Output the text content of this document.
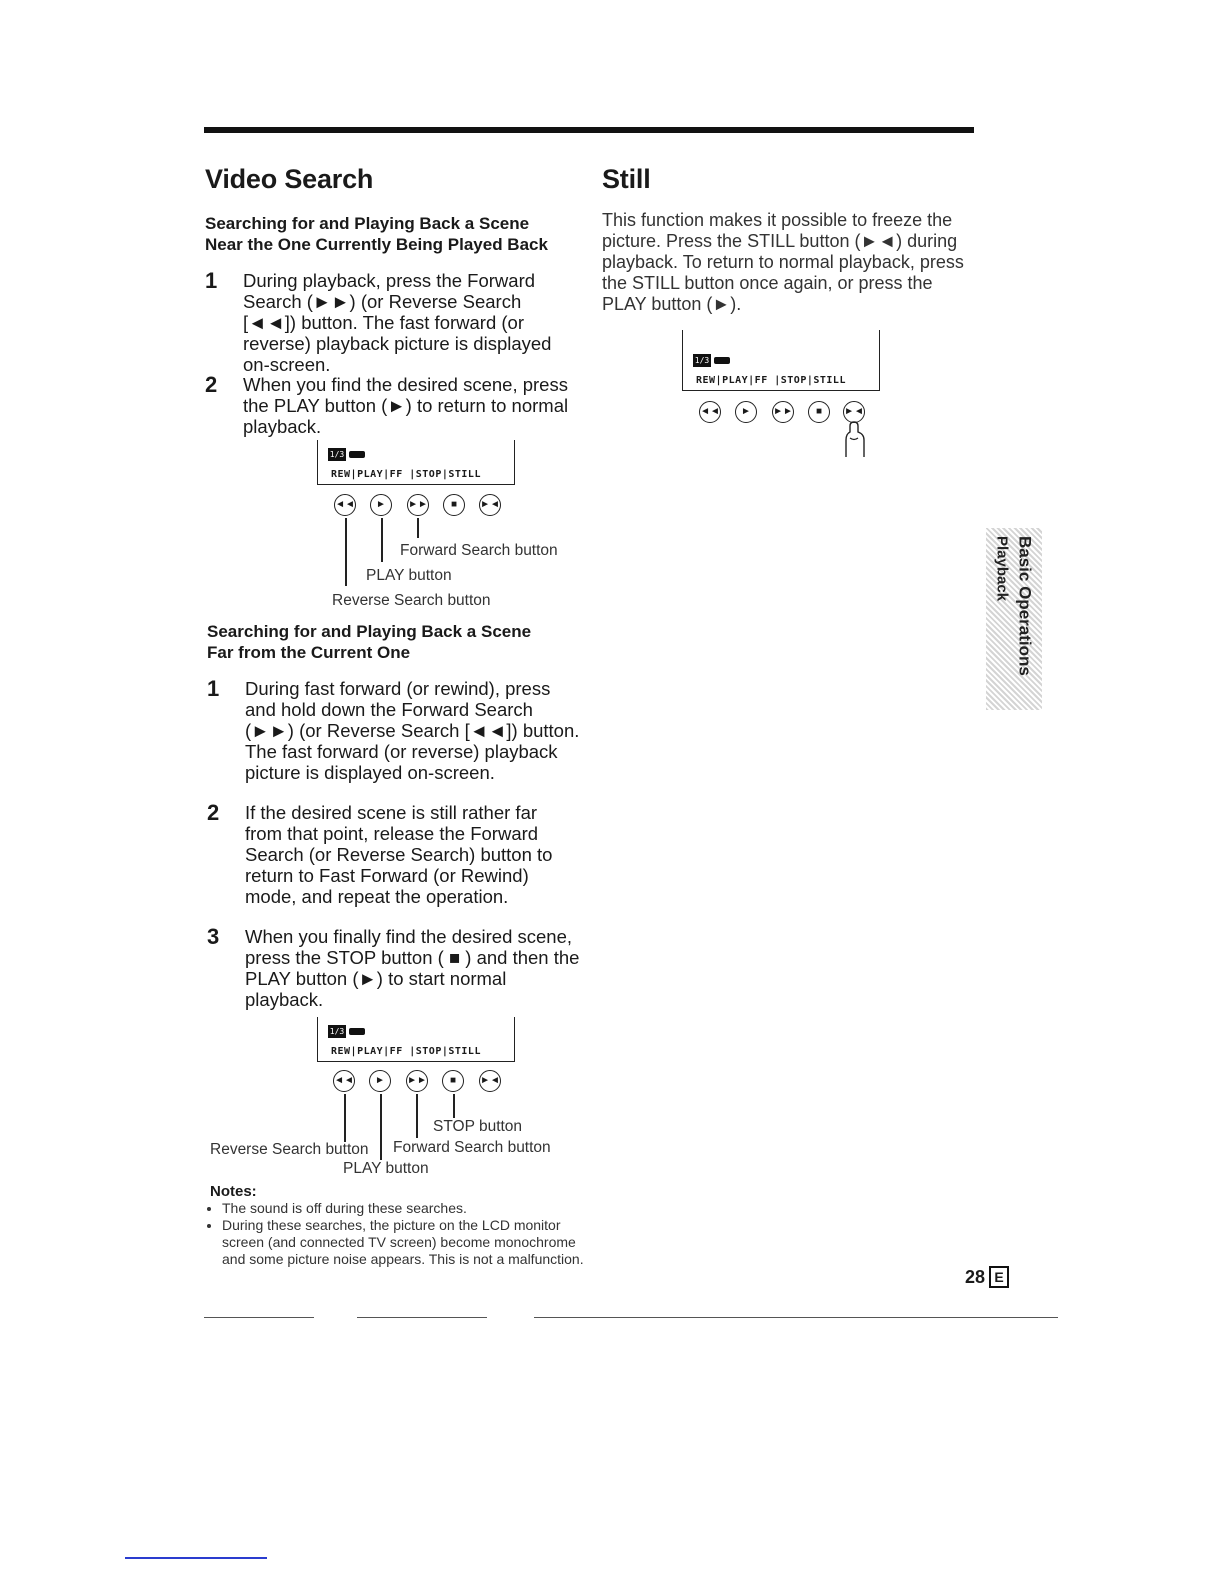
Video Search
Searching for and Playing Back a Scene
Near the One Currently Being Played Back
1	During playback, press the Forward Search (►►) (or Reverse Search [◄◄]) button. The fast forward (or reverse) playback picture is displayed on-screen.
2	When you find the desired scene, press the PLAY button (►) to return to normal playback.
1/3
REW|PLAY|FF |STOP|STILL
◄◄	►	►►	■	►◄
Forward Search button
PLAY button
Reverse Search button
Searching for and Playing Back a Scene
Far from the Current One
1	During fast forward (or rewind), press and hold down the Forward Search (►►) (or Reverse Search [◄◄]) button. The fast forward (or reverse) playback picture is displayed on-screen.
2	If the desired scene is still rather far from that point, release the Forward Search (or Reverse Search) button to return to Fast Forward (or Rewind) mode, and repeat the operation.
3	When you finally find the desired scene, press the STOP button ( ■ ) and then the PLAY button (►) to start normal playback.
1/3
REW|PLAY|FF |STOP|STILL
◄◄	►	►►	■	►◄
STOP button
Reverse Search button Forward Search button
PLAY button
Notes:
• The sound is off during these searches.
• During these searches, the picture on the LCD monitor screen (and connected TV screen) become monochrome and some picture noise appears. This is not a malfunction.
Still

This function makes it possible to freeze the picture. Press the STILL button (►◄) during playback. To return to normal playback, press the STILL button once again, or press the PLAY button (►).

1/3
REW|PLAY|FF |STOP|STILL
◄◄	►	►►	■	►◄
Basic Operations
Playback
28 E
